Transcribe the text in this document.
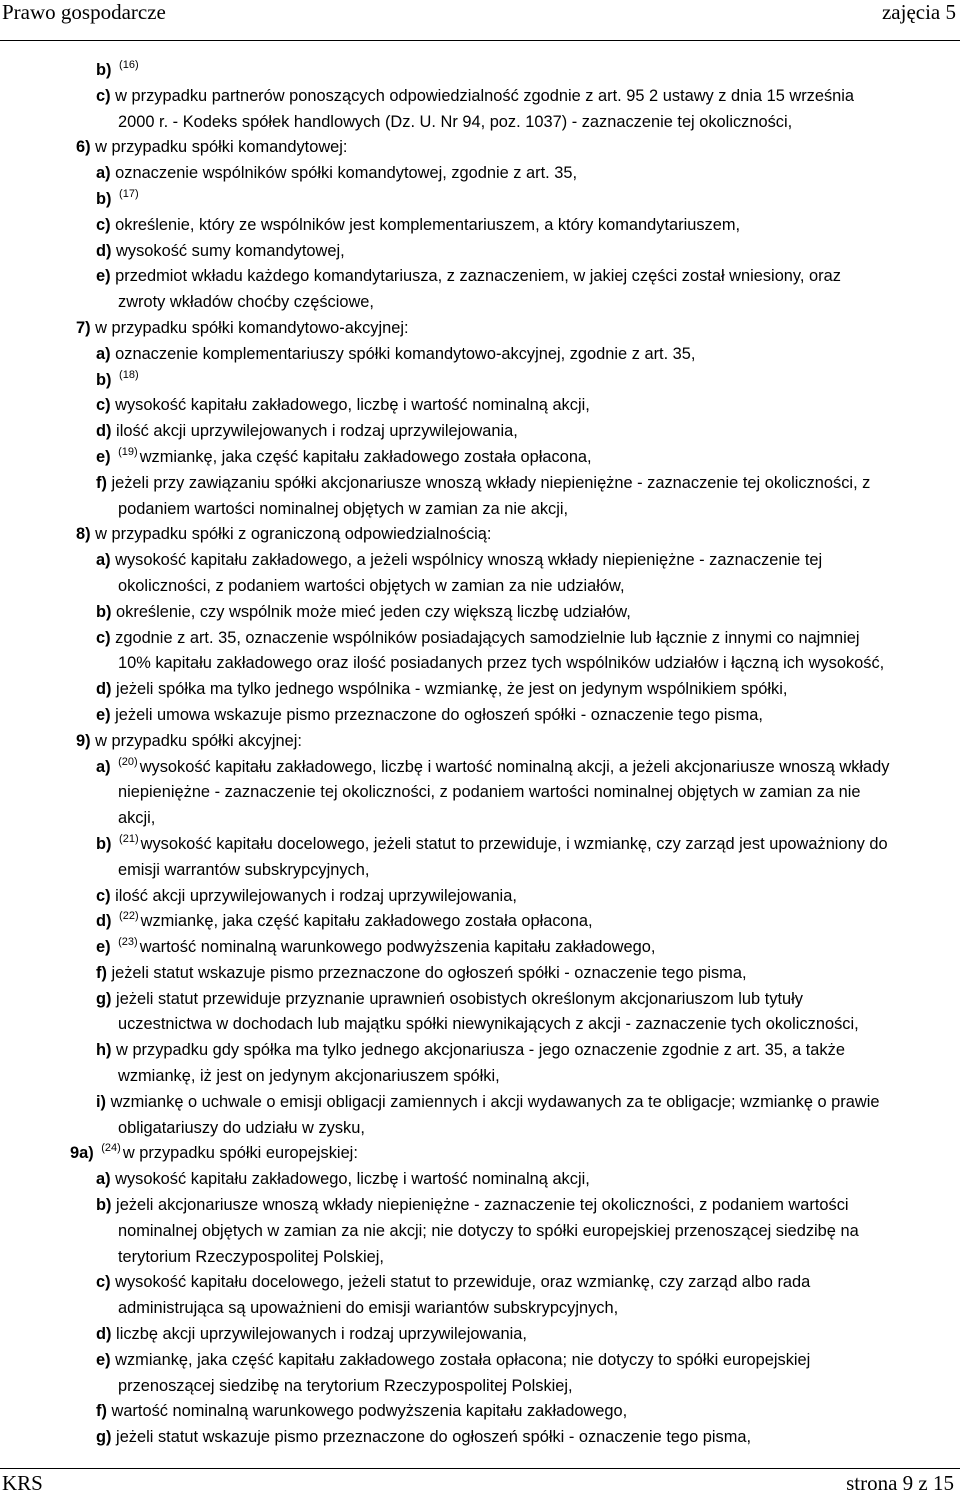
Prawo gospodarcze	zajęcia 5
b) $^{(16)}$
c) w przypadku partnerów ponoszących odpowiedzialność zgodnie z art. 95 2 ustawy z dnia 15 września
2000 r. - Kodeks spółek handlowych (Dz. U. Nr 94, poz. 1037) - zaznaczenie tej okoliczności,
6) w przypadku spółki komandytowej:
a) oznaczenie wspólników spółki komandytowej, zgodnie z art. 35,
b) $^{(17)}$
c) określenie, który ze wspólników jest komplementariuszem, a który komandytariuszem,
d) wysokość sumy komandytowej,
e) przedmiot wkładu każdego komandytariusza, z zaznaczeniem, w jakiej części został wniesiony, oraz
zwroty wkładów choćby częściowe,
7) w przypadku spółki komandytowo-akcyjnej:
a) oznaczenie komplementariuszy spółki komandytowo-akcyjnej, zgodnie z art. 35,
b) $^{(18)}$
c) wysokość kapitału zakładowego, liczbę i wartość nominalną akcji,
d) ilość akcji uprzywilejowanych i rodzaj uprzywilejowania,
e) $^{(19)}$ wzmiankę, jaka część kapitału zakładowego została opłacona,
f) jeżeli przy zawiązaniu spółki akcjonariusze wnoszą wkłady niepieniężne - zaznaczenie tej okoliczności, z
podaniem wartości nominalnej objętych w zamian za nie akcji,
8) w przypadku spółki z ograniczoną odpowiedzialnością:
a) wysokość kapitału zakładowego, a jeżeli wspólnicy wnoszą wkłady niepieniężne - zaznaczenie tej
okoliczności, z podaniem wartości objętych w zamian za nie udziałów,
b) określenie, czy wspólnik może mieć jeden czy większą liczbę udziałów,
c) zgodnie z art. 35, oznaczenie wspólników posiadających samodzielnie lub łącznie z innymi co najmniej
10% kapitału zakładowego oraz ilość posiadanych przez tych wspólników udziałów i łączną ich wysokość,
d) jeżeli spółka ma tylko jednego wspólnika - wzmiankę, że jest on jedynym wspólnikiem spółki,
e) jeżeli umowa wskazuje pismo przeznaczone do ogłoszeń spółki - oznaczenie tego pisma,
9) w przypadku spółki akcyjnej:
a) $^{(20)}$ wysokość kapitału zakładowego, liczbę i wartość nominalną akcji, a jeżeli akcjonariusze wnoszą wkłady
niepieniężne - zaznaczenie tej okoliczności, z podaniem wartości nominalnej objętych w zamian za nie
akcji,
b) $^{(21)}$ wysokość kapitału docelowego, jeżeli statut to przewiduje, i wzmiankę, czy zarząd jest upoważniony do
emisji warrantów subskrypcyjnych,
c) ilość akcji uprzywilejowanych i rodzaj uprzywilejowania,
d) $^{(22)}$ wzmiankę, jaka część kapitału zakładowego została opłacona,
e) $^{(23)}$ wartość nominalną warunkowego podwyższenia kapitału zakładowego,
f) jeżeli statut wskazuje pismo przeznaczone do ogłoszeń spółki - oznaczenie tego pisma,
g) jeżeli statut przewiduje przyznanie uprawnień osobistych określonym akcjonariuszom lub tytuły
uczestnictwa w dochodach lub majątku spółki niewynikających z akcji - zaznaczenie tych okoliczności,
h) w przypadku gdy spółka ma tylko jednego akcjonariusza - jego oznaczenie zgodnie z art. 35, a także
wzmiankę, iż jest on jedynym akcjonariuszem spółki,
i) wzmiankę o uchwale o emisji obligacji zamiennych i akcji wydawanych za te obligacje; wzmiankę o prawie
obligatariuszy do udziału w zysku,
9a) $^{(24)}$ w przypadku spółki europejskiej:
a) wysokość kapitału zakładowego, liczbę i wartość nominalną akcji,
b) jeżeli akcjonariusze wnoszą wkłady niepieniężne - zaznaczenie tej okoliczności, z podaniem wartości
nominalnej objętych w zamian za nie akcji; nie dotyczy to spółki europejskiej przenoszącej siedzibę na
terytorium Rzeczypospolitej Polskiej,
c) wysokość kapitału docelowego, jeżeli statut to przewiduje, oraz wzmiankę, czy zarząd albo rada
administrująca są upoważnieni do emisji wariantów subskrypcyjnych,
d) liczbę akcji uprzywilejowanych i rodzaj uprzywilejowania,
e) wzmiankę, jaka część kapitału zakładowego została opłacona; nie dotyczy to spółki europejskiej
przenoszącej siedzibę na terytorium Rzeczypospolitej Polskiej,
f) wartość nominalną warunkowego podwyższenia kapitału zakładowego,
g) jeżeli statut wskazuje pismo przeznaczone do ogłoszeń spółki - oznaczenie tego pisma,
KRS	strona 9 z 15
